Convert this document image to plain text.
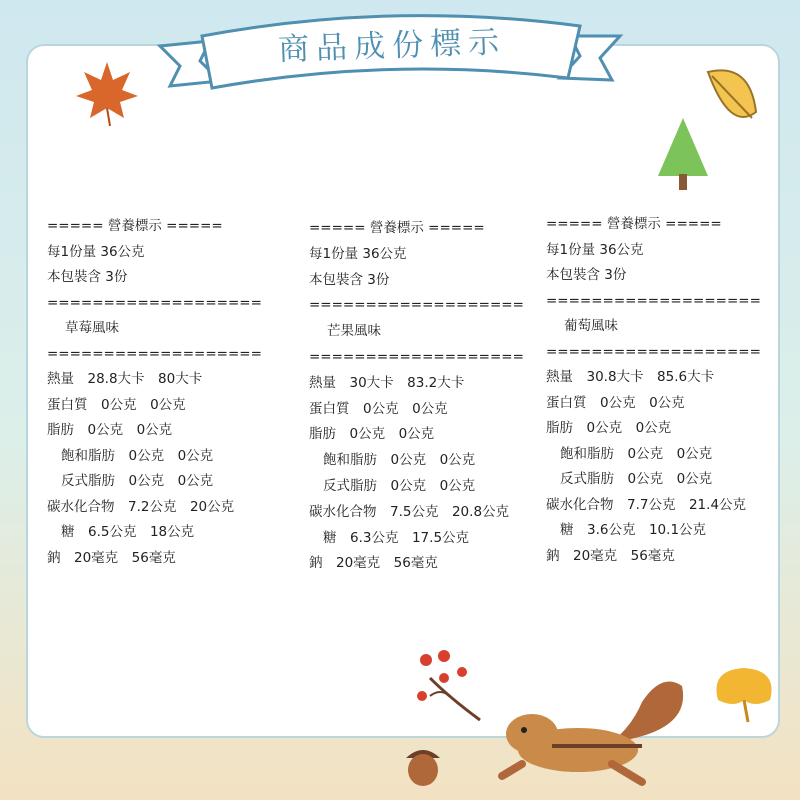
商品成份標示
===== 營養標示 =====
每1份量 36公克
本包裝含 3份
===================
草莓風味
===================
熱量　28.8大卡　80大卡
蛋白質　0公克　0公克
脂肪　0公克　0公克
飽和脂肪　0公克　0公克
反式脂肪　0公克　0公克
碳水化合物　7.2公克　20公克
糖　6.5公克　18公克
鈉　20毫克　56毫克
===== 營養標示 =====
每1份量 36公克
本包裝含 3份
===================
芒果風味
===================
熱量　30大卡　83.2大卡
蛋白質　0公克　0公克
脂肪　0公克　0公克
飽和脂肪　0公克　0公克
反式脂肪　0公克　0公克
碳水化合物　7.5公克　20.8公克
糖　6.3公克　17.5公克
鈉　20毫克　56毫克
===== 營養標示 =====
每1份量 36公克
本包裝含 3份
===================
葡萄風味
===================
熱量　30.8大卡　85.6大卡
蛋白質　0公克　0公克
脂肪　0公克　0公克
飽和脂肪　0公克　0公克
反式脂肪　0公克　0公克
碳水化合物　7.7公克　21.4公克
糖　3.6公克　10.1公克
鈉　20毫克　56毫克
